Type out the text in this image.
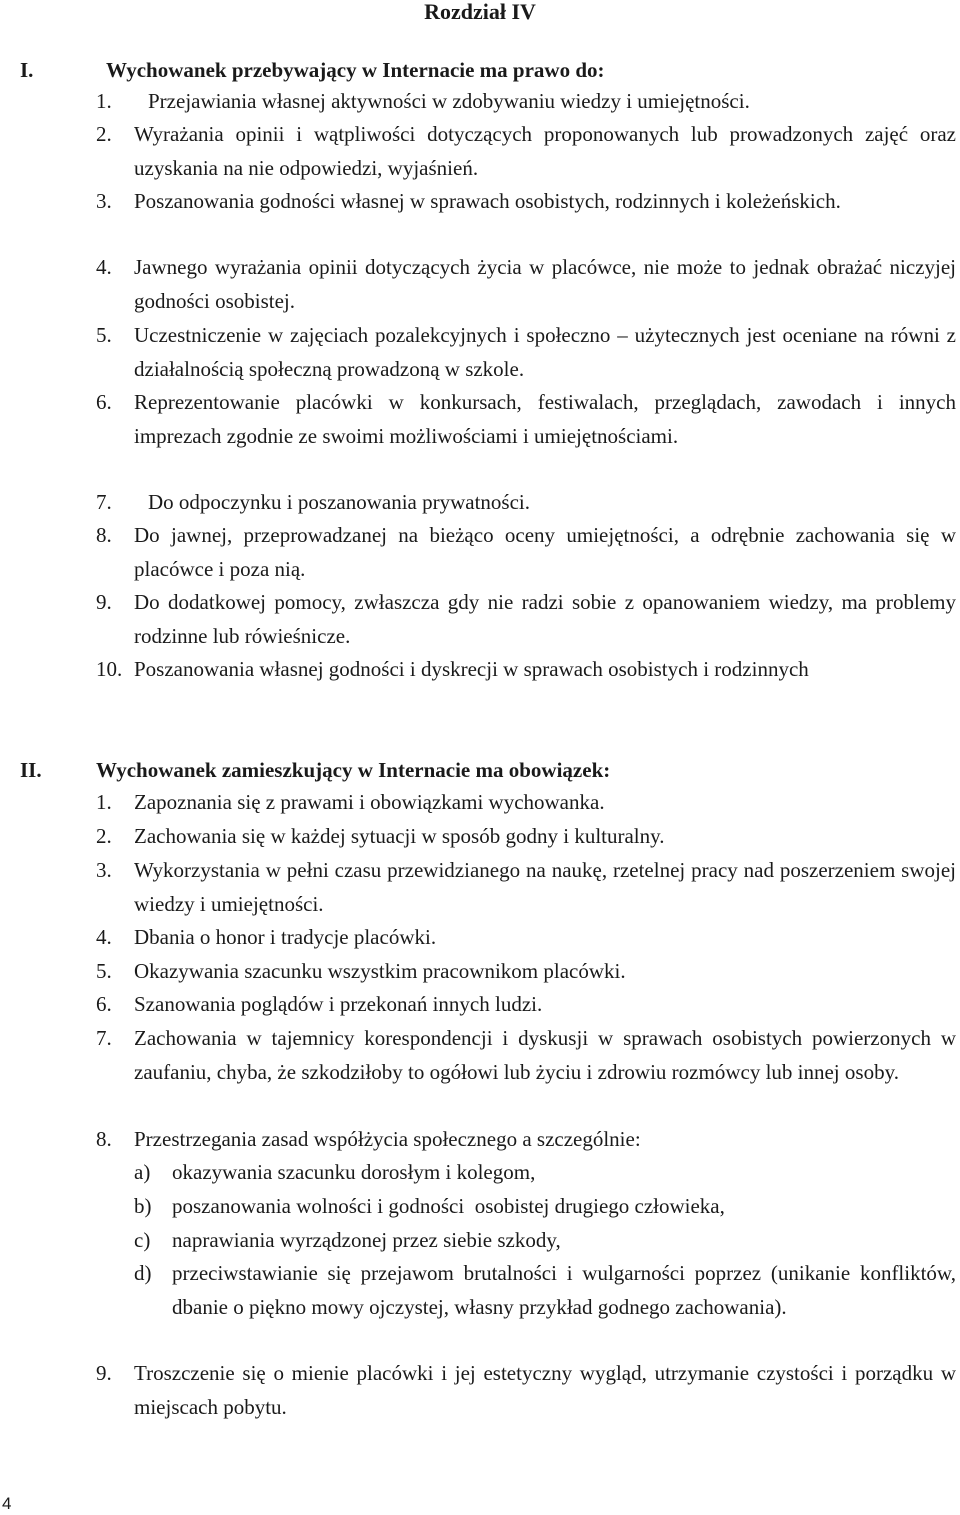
Rozdział IV
I.	Wychowanek przebywający w Internacie ma prawo do:
1. Przejawiania własnej aktywności w zdobywaniu wiedzy i umiejętności.
2. Wyrażania opinii i wątpliwości dotyczących proponowanych lub prowadzonych zajęć oraz uzyskania na nie odpowiedzi, wyjaśnień.
3. Poszanowania godności własnej w sprawach osobistych, rodzinnych i koleżeńskich.
4. Jawnego wyrażania opinii dotyczących życia w placówce, nie może to jednak obrażać niczyjej godności osobistej.
5. Uczestniczenie w zajęciach pozalekcyjnych i społeczno – użytecznych jest oceniane na równi z działalnością społeczną prowadzoną w szkole.
6. Reprezentowanie placówki w konkursach, festiwalach, przeglądach, zawodach i innych imprezach zgodnie ze swoimi możliwościami i umiejętnościami.
7. Do odpoczynku i poszanowania prywatności.
8. Do jawnej, przeprowadzanej na bieżąco oceny umiejętności, a odrębnie zachowania się w placówce i poza nią.
9. Do dodatkowej pomocy, zwłaszcza gdy nie radzi sobie z opanowaniem wiedzy, ma problemy rodzinne lub rówieśnicze.
10. Poszanowania własnej godności i dyskrecji w sprawach osobistych i rodzinnych
II.	Wychowanek zamieszkujący w Internacie ma obowiązek:
1. Zapoznania się z prawami i obowiązkami wychowanka.
2. Zachowania się w każdej sytuacji w sposób godny i kulturalny.
3. Wykorzystania w pełni czasu przewidzianego na naukę, rzetelnej pracy nad poszerzeniem swojej wiedzy i umiejętności.
4. Dbania o honor i tradycje placówki.
5. Okazywania szacunku wszystkim pracownikom placówki.
6. Szanowania poglądów i przekonań innych ludzi.
7. Zachowania w tajemnicy korespondencji i dyskusji w sprawach osobistych powierzonych w zaufaniu, chyba, że szkodziłoby to ogółowi lub życiu i zdrowiu rozmówcy lub innej osoby.
8. Przestrzegania zasad współżycia społecznego a szczególnie:
a) okazywania szacunku dorosłym i kolegom,
b) poszanowania wolności i godności  osobistej drugiego człowieka,
c) naprawiania wyrządzonej przez siebie szkody,
d) przeciwstawianie się przejawom brutalności i wulgarności poprzez (unikanie konfliktów, dbanie o piękno mowy ojczystej, własny przykład godnego zachowania).
9. Troszczenie się o mienie placówki i jej estetyczny wygląd, utrzymanie czystości i porządku w miejscach pobytu.
4
